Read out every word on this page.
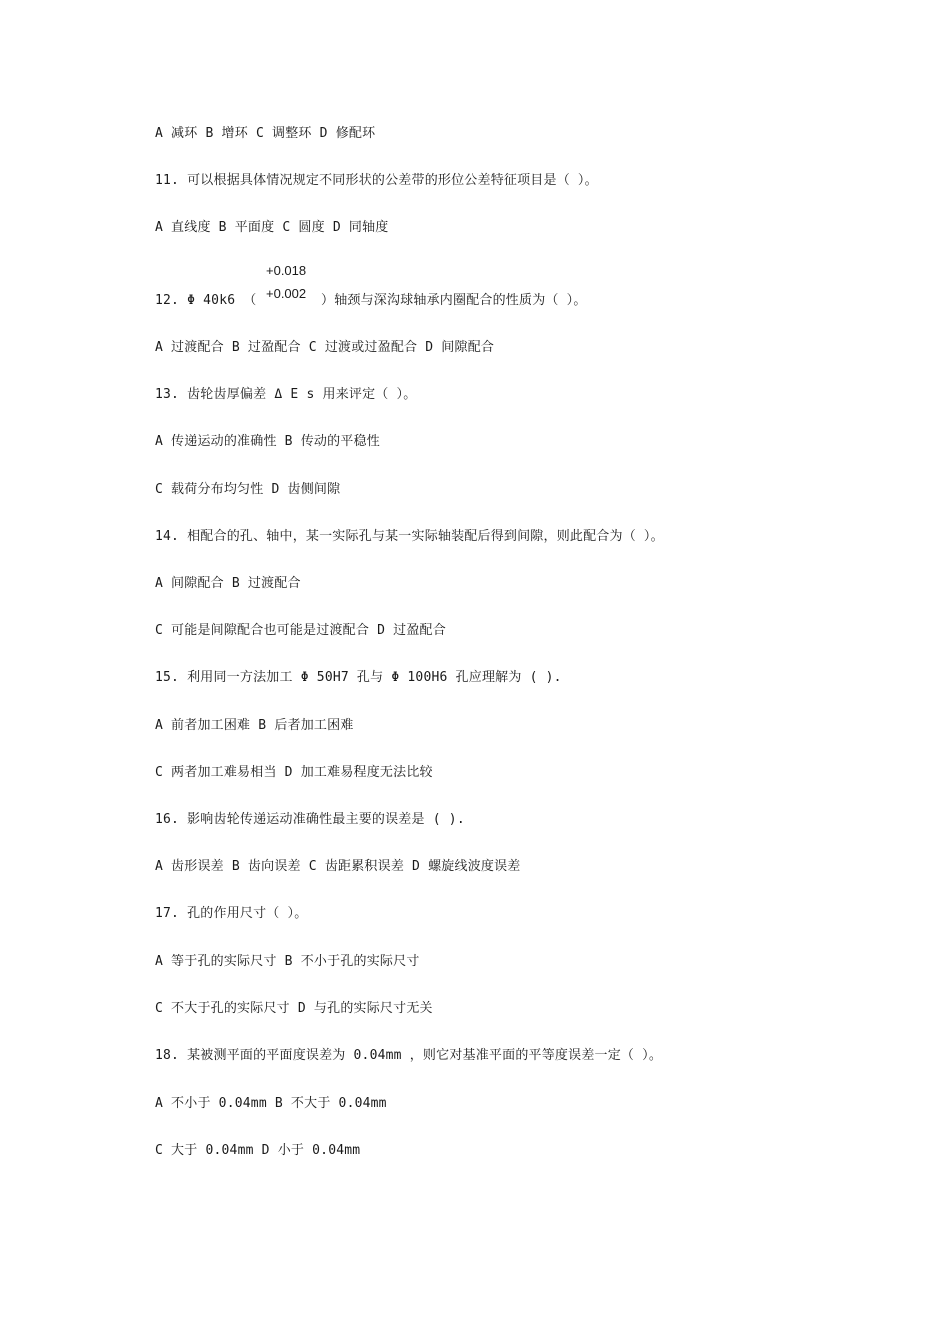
A 减环 B 增环 C 调整环 D 修配环
11. 可以根据具体情况规定不同形状的公差带的形位公差特征项目是（ ）。
A 直线度 B 平面度 C 圆度 D 同轴度
+0.018
+0.002
12. Φ 40k6 （	）轴颈与深沟球轴承内圈配合的性质为（ ）。
A 过渡配合 B 过盈配合 C 过渡或过盈配合 D 间隙配合
13. 齿轮齿厚偏差 Δ E s 用来评定（ ）。
A 传递运动的准确性 B 传动的平稳性
C 载荷分布均匀性 D 齿侧间隙
14. 相配合的孔、轴中，某一实际孔与某一实际轴装配后得到间隙，则此配合为（ ）。
A 间隙配合 B 过渡配合
C 可能是间隙配合也可能是过渡配合 D 过盈配合
15. 利用同一方法加工 Φ 50H7 孔与 Φ 100H6 孔应理解为 ( ).
A 前者加工困难 B 后者加工困难
C 两者加工难易相当 D 加工难易程度无法比较
16. 影响齿轮传递运动准确性最主要的误差是 ( ).
A 齿形误差 B 齿向误差 C 齿距累积误差 D 螺旋线波度误差
17. 孔的作用尺寸（ ）。
A 等于孔的实际尺寸 B 不小于孔的实际尺寸
C 不大于孔的实际尺寸 D 与孔的实际尺寸无关
18. 某被测平面的平面度误差为 0.04mm ，则它对基准平面的平等度误差一定（ ）。
A 不小于 0.04mm B 不大于 0.04mm
C 大于 0.04mm D 小于 0.04mm
